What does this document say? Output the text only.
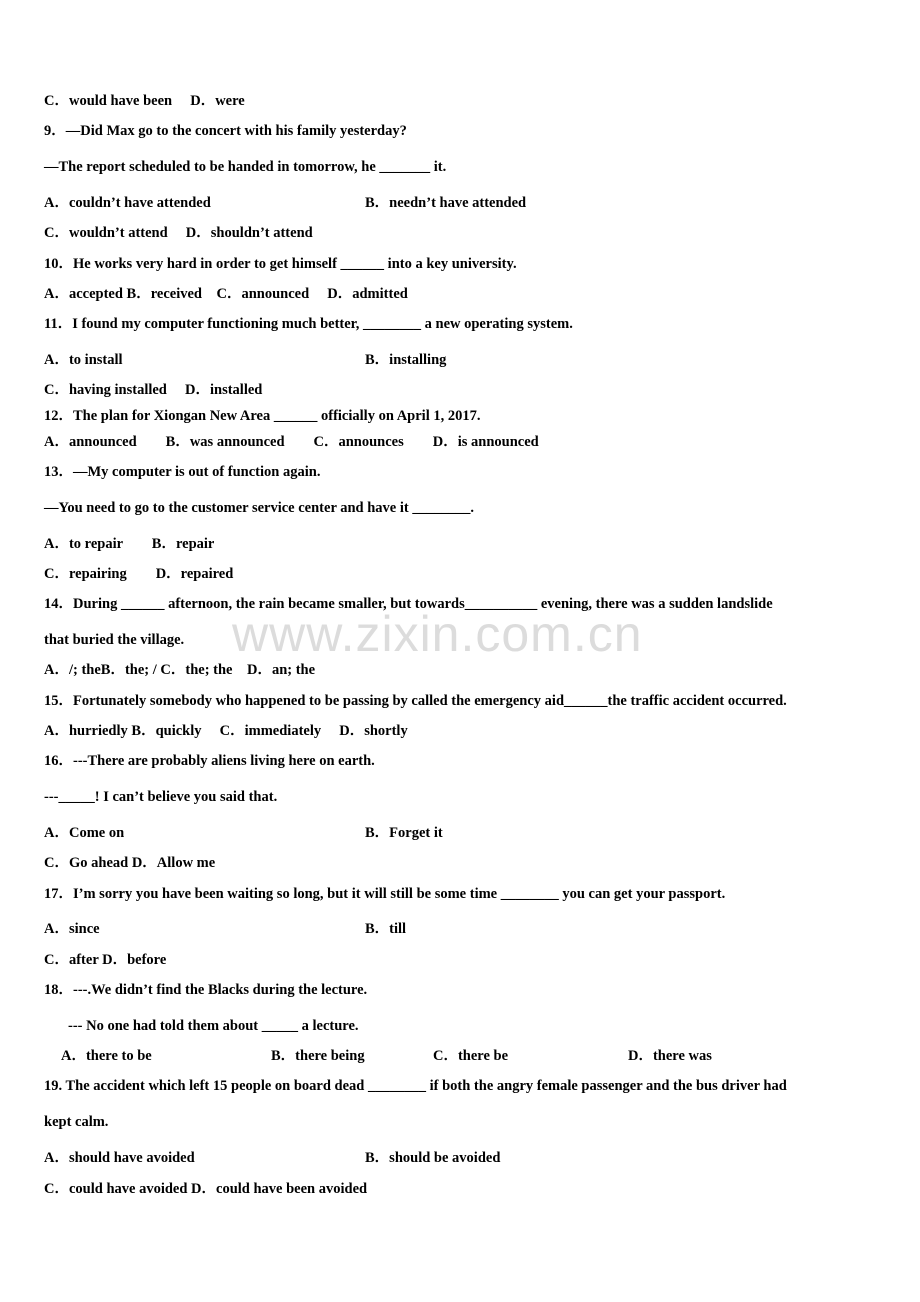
www.zixin.com.cn
C．would have been　 D．were
9．—Did Max go to the concert with his family yesterday?
—The report scheduled to be handed in tomorrow, he _______ it.
A．couldn’t have attended	B．needn’t have attended
C．wouldn’t attend　 D．shouldn’t attend
10．He works very hard in order to get himself ______ into a key university.
A．accepted B．received　C．announced　 D．admitted
11．I found my computer functioning much better, ________ a new operating system.
A．to install	B．installing
C．having installed　 D．installed
12．The plan for Xiongan New Area ______ officially on April 1, 2017.
A．announced　　B．was announced　　C．announces　　D．is announced
13．—My computer is out of function again.
—You need to go to the customer service center and have it ________.
A．to repair　　B．repair
C．repairing　　D．repaired
14．During ______ afternoon, the rain became smaller, but towards__________ evening, there was a sudden landslide
that buried the village.
A．/; theB．the; / C．the; the　D．an; the
15．Fortunately somebody who happened to be passing by called the emergency aid______the traffic accident occurred.
A．hurriedly B．quickly　 C．immediately　 D．shortly
16．---There are probably aliens living here on earth.
---_____! I can’t believe you said that.
A．Come on	B．Forget it
C．Go ahead D．Allow me
17．I’m sorry you have been waiting so long, but it will still be some time ________ you can get your passport.
A．since	B．till
C．after D．before
18．---.We didn’t find the Blacks during the lecture.
--- No one had told them about _____ a lecture.
A．there to be	B．there being	C．there be	D．there was
19. The accident which left 15 people on board dead ________ if both the angry female passenger and the bus driver had
kept calm.
A．should have avoided	B．should be avoided
C．could have avoided D．could have been avoided
